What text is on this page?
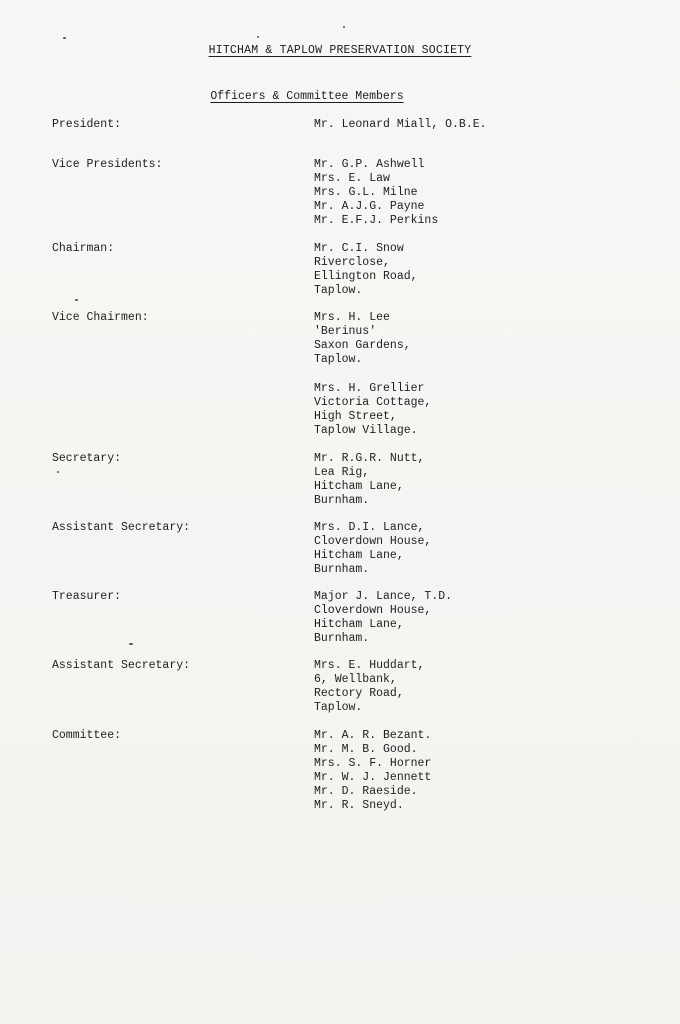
HITCHAM & TAPLOW PRESERVATION SOCIETY
Officers & Committee Members
President:	Mr. Leonard Miall, O.B.E.
Vice Presidents:	Mr. G.P. Ashwell
Mrs. E. Law
Mrs. G.L. Milne
Mr. A.J.G. Payne
Mr. E.F.J. Perkins
Chairman:	Mr. C.I. Snow
Riverclose,
Ellington Road,
Taplow.
Vice Chairmen:	Mrs. H. Lee
'Berinus'
Saxon Gardens,
Taplow.
Mrs. H. Grellier
Victoria Cottage,
High Street,
Taplow Village.
Secretary:	Mr. R.G.R. Nutt,
Lea Rig,
Hitcham Lane,
Burnham.
Assistant Secretary:	Mrs. D.I. Lance,
Cloverdown House,
Hitcham Lane,
Burnham.
Treasurer:	Major J. Lance, T.D.
Cloverdown House,
Hitcham Lane,
Burnham.
Assistant Secretary:	Mrs. E. Huddart,
6, Wellbank,
Rectory Road,
Taplow.
Committee:	Mr. A. R. Bezant.
Mr. M. B. Good.
Mrs. S. F. Horner
Mr. W. J. Jennett
Mr. D. Raeside.
Mr. R. Sneyd.
